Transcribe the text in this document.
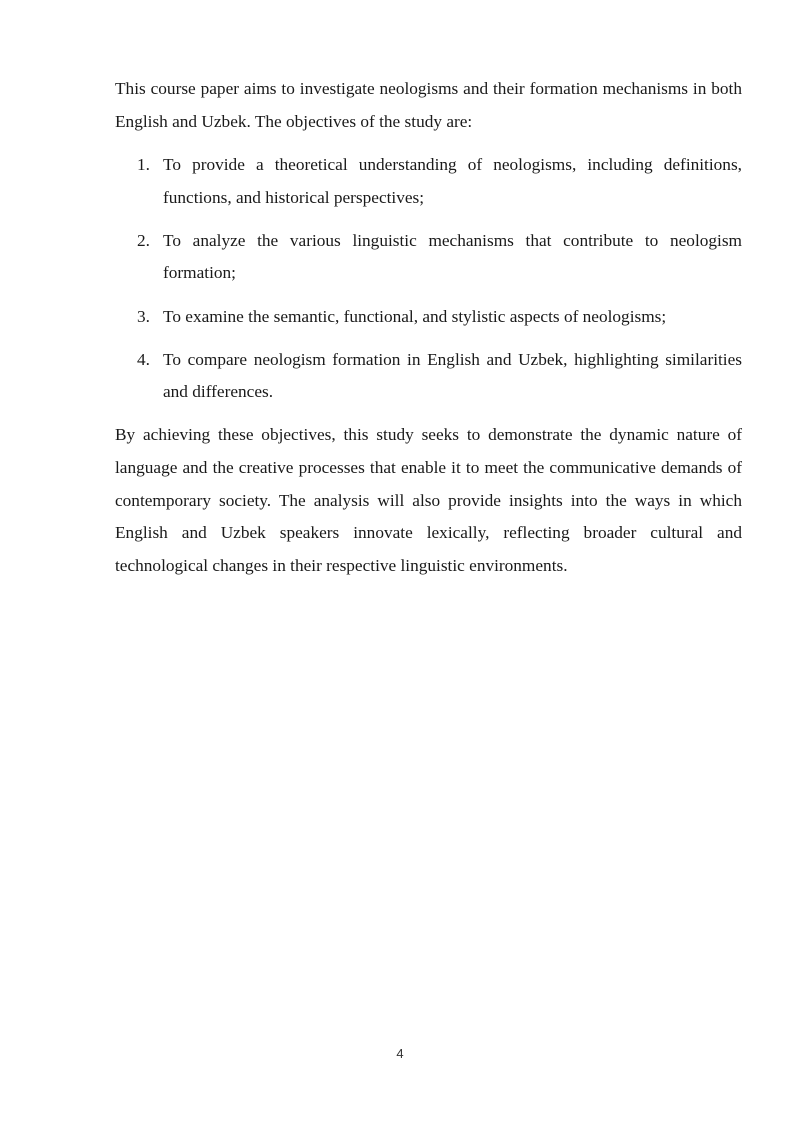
This course paper aims to investigate neologisms and their formation mechanisms in both English and Uzbek. The objectives of the study are:

1. To provide a theoretical understanding of neologisms, including definitions, functions, and historical perspectives;
2. To analyze the various linguistic mechanisms that contribute to neologism formation;
3. To examine the semantic, functional, and stylistic aspects of neologisms;
4. To compare neologism formation in English and Uzbek, highlighting similarities and differences.

By achieving these objectives, this study seeks to demonstrate the dynamic nature of language and the creative processes that enable it to meet the communicative demands of contemporary society. The analysis will also provide insights into the ways in which English and Uzbek speakers innovate lexically, reflecting broader cultural and technological changes in their respective linguistic environments.

4
